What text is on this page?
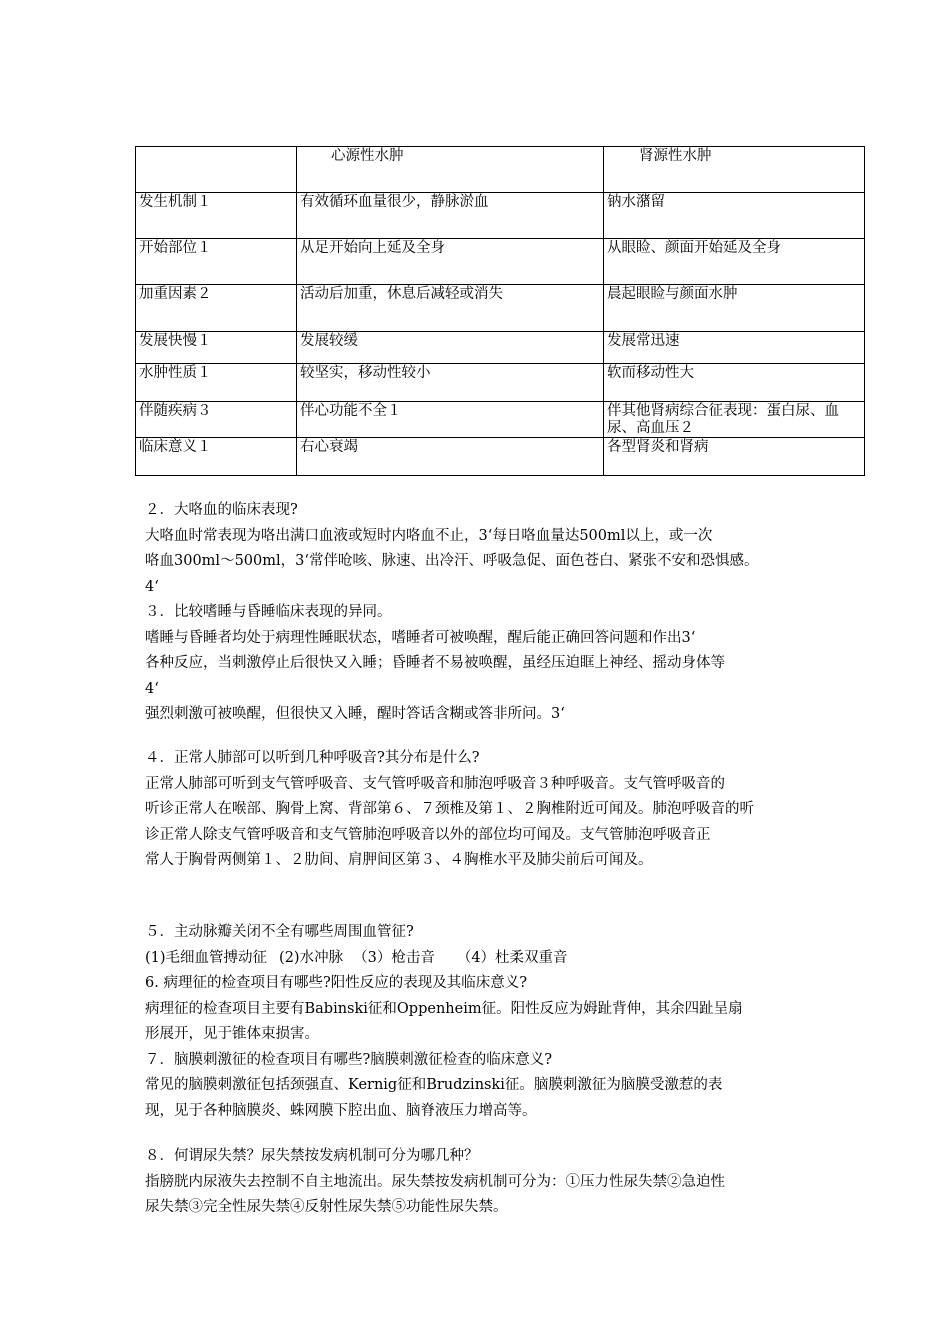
	心源性水肿	肾源性水肿
发生机制１	有效循环血量很少，静脉淤血	钠水潴留
开始部位１	从足开始向上延及全身	从眼睑、颜面开始延及全身
加重因素２	活动后加重，休息后减轻或消失	晨起眼睑与颜面水肿
发展快慢１	发展较缓	发展常迅速
水肿性质１	较坚实，移动性较小	软而移动性大
伴随疾病３	伴心功能不全１	伴其他肾病综合征表现：蛋白尿、血尿、高血压２
临床意义１	右心衰竭	各型肾炎和肾病
２．大咯血的临床表现?
大咯血时常表现为咯出满口血液或短时内咯血不止，3‘每日咯血量达500ml以上，或一次
咯血300ml～500ml，3‘常伴呛咳、脉速、出冷汗、呼吸急促、面色苍白、紧张不安和恐惧感。
4‘
３．比较嗜睡与昏睡临床表现的异同。
嗜睡与昏睡者均处于病理性睡眠状态，嗜睡者可被唤醒，醒后能正确回答问题和作出3‘
各种反应，当刺激停止后很快又入睡；昏睡者不易被唤醒，虽经压迫眶上神经、摇动身体等
4‘
强烈刺激可被唤醒，但很快又入睡，醒时答话含糊或答非所问。3‘
４．正常人肺部可以听到几种呼吸音?其分布是什么?
正常人肺部可听到支气管呼吸音、支气管呼吸音和肺泡呼吸音３种呼吸音。支气管呼吸音的
听诊正常人在喉部、胸骨上窝、背部第６、７颈椎及第１、２胸椎附近可闻及。肺泡呼吸音的听
诊正常人除支气管呼吸音和支气管肺泡呼吸音以外的部位均可闻及。支气管肺泡呼吸音正
常人于胸骨两侧第１、２肋间、肩胛间区第３、４胸椎水平及肺尖前后可闻及。
５．主动脉瓣关闭不全有哪些周围血管征?
(1)毛细血管搏动征 (2)水冲脉 （3）枪击音 （4）杜柔双重音
6. 病理征的检查项目有哪些?阳性反应的表现及其临床意义?
病理征的检查项目主要有Babinski征和Oppenheim征。阳性反应为姆趾背伸，其余四趾呈扇
形展开，见于锥体束损害。
７．脑膜刺激征的检查项目有哪些?脑膜刺激征检查的临床意义?
常见的脑膜刺激征包括颈强直、Kernig征和Brudzinski征。脑膜刺激征为脑膜受激惹的表
现，见于各种脑膜炎、蛛网膜下腔出血、脑脊液压力增高等。
８．何谓尿失禁？尿失禁按发病机制可分为哪几种？
指膀胱内尿液失去控制不自主地流出。尿失禁按发病机制可分为：①压力性尿失禁②急迫性
尿失禁③完全性尿失禁④反射性尿失禁⑤功能性尿失禁。
